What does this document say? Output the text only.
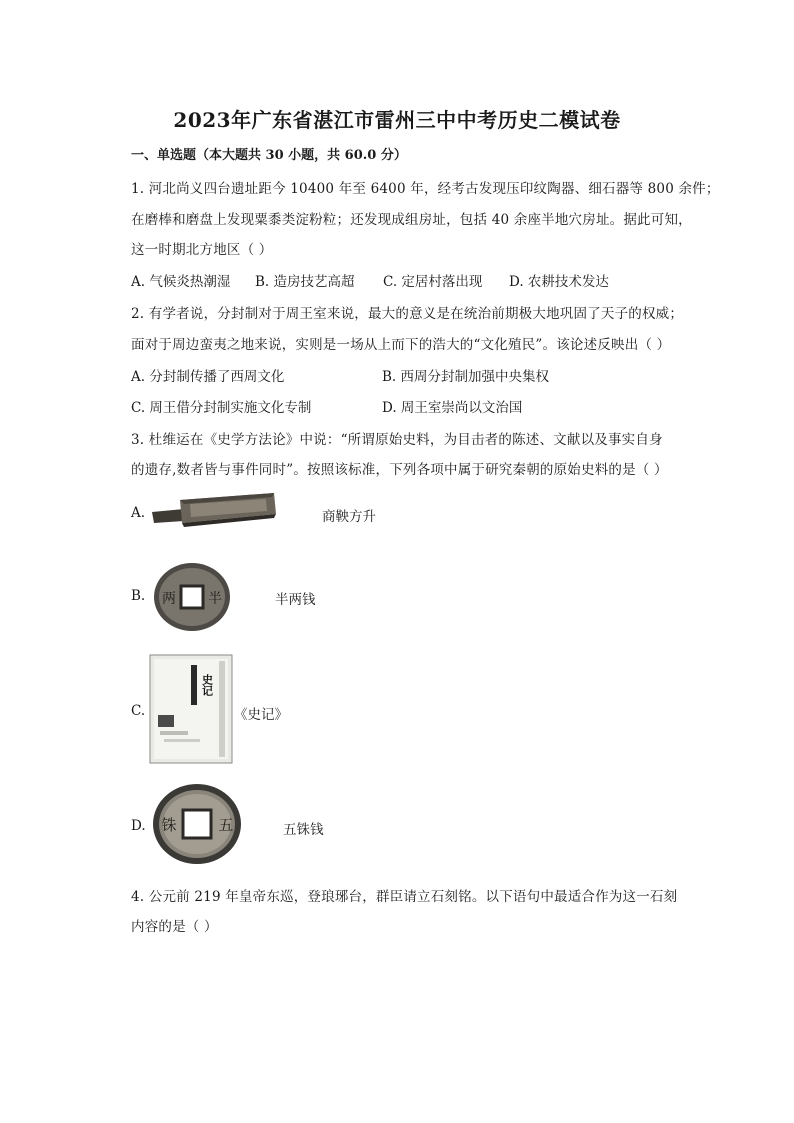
2023年广东省湛江市雷州三中中考历史二模试卷
一、单选题（本大题共 30 小题，共 60.0 分）
1. 河北尚义四台遗址距今 10400 年至 6400 年，经考古发现压印纹陶器、细石器等 800 余件；
在磨棒和磨盘上发现粟黍类淀粉粒；还发现成组房址，包括 40 余座半地穴房址。据此可知，
这一时期北方地区（ ）
A. 气候炎热潮湿 B. 造房技艺高超 C. 定居村落出现 D. 农耕技术发达
2. 有学者说，分封制对于周王室来说，最大的意义是在统治前期极大地巩固了天子的权威；
面对于周边蛮夷之地来说，实则是一场从上而下的浩大的“文化殖民”。该论述反映出（ ）
A. 分封制传播了西周文化	B. 西周分封制加强中央集权
C. 周王借分封制实施文化专制	D. 周王室崇尚以文治国
3. 杜维运在《史学方法论》中说：“所谓原始史料，为目击者的陈述、文献以及事实自身
的遗存,数者皆与事件同时”。按照该标准，下列各项中属于研究秦朝的原始史料的是（ ）
A.	商鞅方升
B. 两 半	半两钱
C.
史记
《史记》
D.	五
铢	五铢钱
4. 公元前 219 年皇帝东巡，登琅琊台，群臣请立石刻铭。以下语句中最适合作为这一石刻
内容的是（ ）
